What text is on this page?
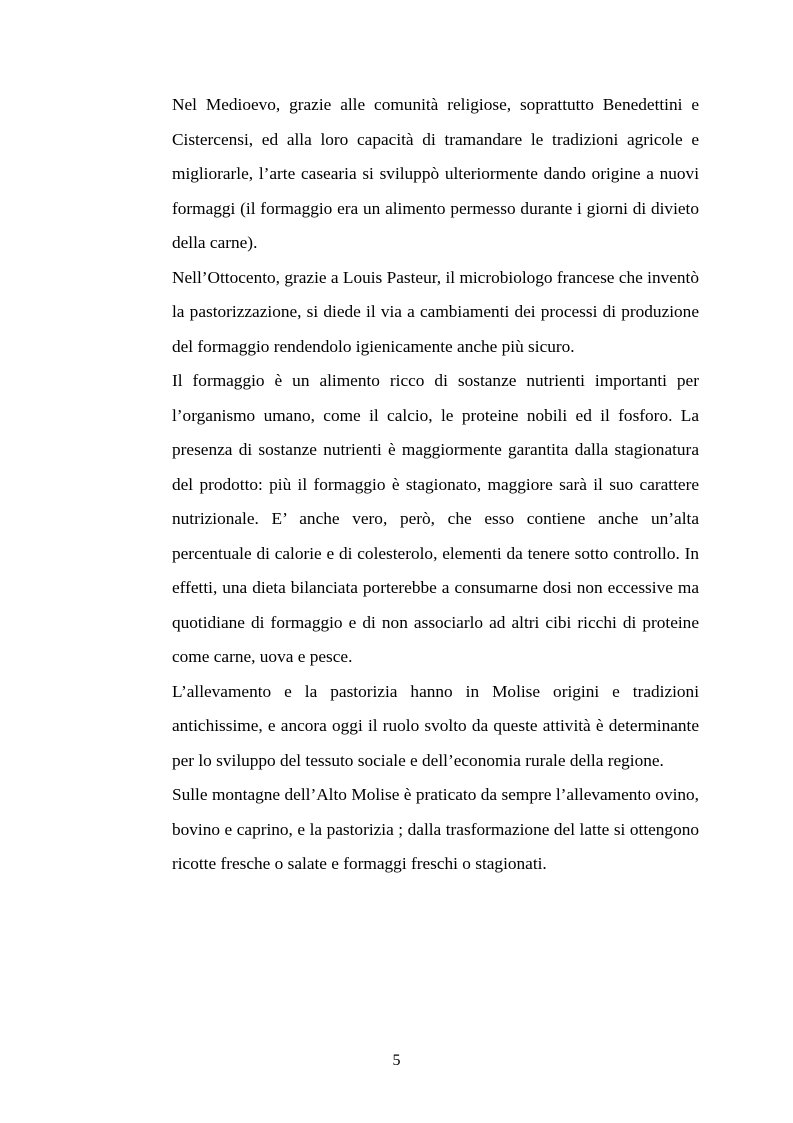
Nel Medioevo, grazie alle comunità religiose, soprattutto Benedettini e Cistercensi, ed alla loro capacità di tramandare le tradizioni agricole e migliorarle, l’arte casearia si sviluppò ulteriormente dando origine a nuovi formaggi (il formaggio era un alimento permesso durante i giorni di divieto della carne).

Nell’Ottocento, grazie a Louis Pasteur, il microbiologo francese che inventò la pastorizzazione, si diede il via a cambiamenti dei processi di produzione del formaggio rendendolo igienicamente anche più sicuro.

Il formaggio è un alimento ricco di sostanze nutrienti importanti per l’organismo umano, come il calcio, le proteine nobili ed il fosforo. La presenza di sostanze nutrienti è maggiormente garantita dalla stagionatura del prodotto: più il formaggio è stagionato, maggiore sarà il suo carattere nutrizionale. E’ anche vero, però, che esso contiene anche un’alta percentuale di calorie e di colesterolo, elementi da tenere sotto controllo. In effetti, una dieta bilanciata porterebbe a consumarne dosi non eccessive ma quotidiane di formaggio e di non associarlo ad altri cibi ricchi di proteine come carne, uova e pesce.

L’allevamento e la pastorizia hanno in Molise origini e tradizioni antichissime, e ancora oggi il ruolo svolto da queste attività è determinante per lo sviluppo del tessuto sociale e dell’economia rurale della regione.

Sulle montagne dell’Alto Molise è praticato da sempre l’allevamento ovino, bovino e caprino, e la pastorizia ; dalla trasformazione del latte si ottengono ricotte fresche o salate e formaggi freschi o stagionati.

5
